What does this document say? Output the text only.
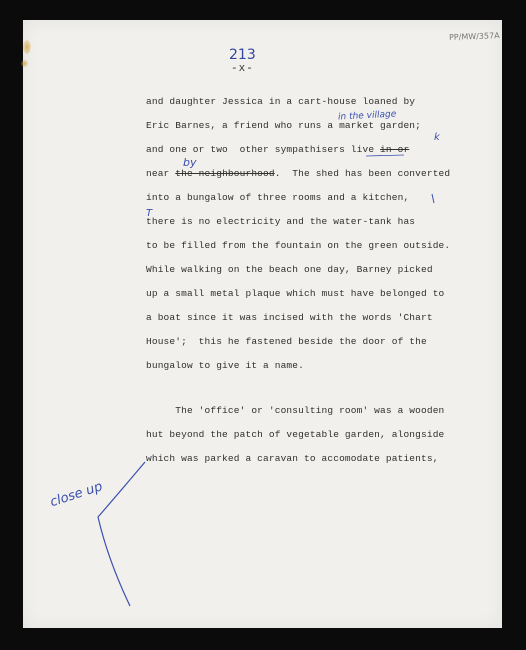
PP/MW/357A
213
-x-
and daughter Jessica in a cart-house loaned by
Eric Barnes, a friend who runs a market garden;
and one or two  other sympathisers live in or
near the neighbourhood.  The shed has been converted
into a bungalow of three rooms and a kitchen,
there is no electricity and the water-tank has
to be filled from the fountain on the green outside.
While walking on the beach one day, Barney picked
up a small metal plaque which must have belonged to
a boat since it was incised with the words 'Chart
House';  this he fastened beside the door of the
bungalow to give it a name.
The 'office' or 'consulting room' was a wooden
hut beyond the patch of vegetable garden, alongside
which was parked a caravan to accomodate patients,
in the village
by
T
k
close up
